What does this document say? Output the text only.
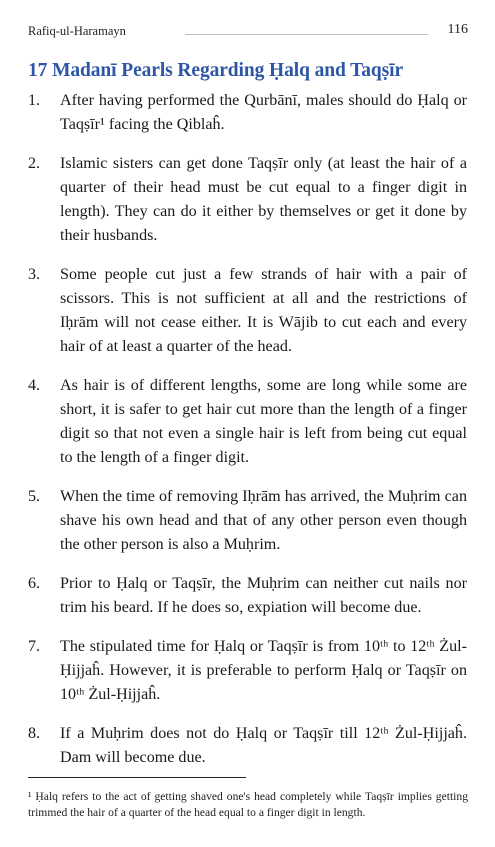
Rafiq-ul-Haramayn	116
17 Madanī Pearls Regarding Ḥalq and Taqṣīr
1. After having performed the Qurbānī, males should do Ḥalq or Taqṣīr¹ facing the Qiblaĥ.
2. Islamic sisters can get done Taqṣīr only (at least the hair of a quarter of their head must be cut equal to a finger digit in length). They can do it either by themselves or get it done by their husbands.
3. Some people cut just a few strands of hair with a pair of scissors. This is not sufficient at all and the restrictions of Iḥrām will not cease either. It is Wājib to cut each and every hair of at least a quarter of the head.
4. As hair is of different lengths, some are long while some are short, it is safer to get hair cut more than the length of a finger digit so that not even a single hair is left from being cut equal to the length of a finger digit.
5. When the time of removing Iḥrām has arrived, the Muḥrim can shave his own head and that of any other person even though the other person is also a Muḥrim.
6. Prior to Ḥalq or Taqṣīr, the Muḥrim can neither cut nails nor trim his beard. If he does so, expiation will become due.
7. The stipulated time for Ḥalq or Taqṣīr is from 10ᵗʰ to 12ᵗʰ Żul-Ḥijjaĥ. However, it is preferable to perform Ḥalq or Taqṣīr on 10ᵗʰ Żul-Ḥijjaĥ.
8. If a Muḥrim does not do Ḥalq or Taqṣīr till 12ᵗʰ Żul-Ḥijjaĥ. Dam will become due.

¹ Ḥalq refers to the act of getting shaved one's head completely while Taqṣīr implies getting trimmed the hair of a quarter of the head equal to a finger digit in length.
